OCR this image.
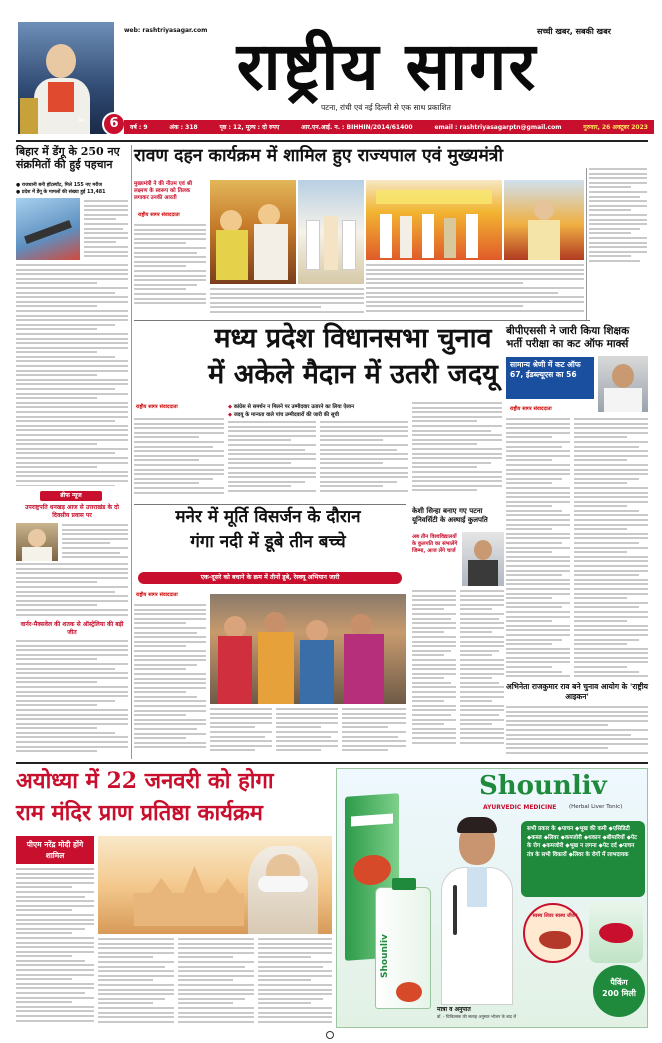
प्रेस	6
web: rashtriyasagar.com	सच्ची खबर, सबकी खबर
राष्ट्रीय सागर
पटना, रांची एवं नई दिल्ली से एक साथ प्रकाशित
वर्ष : 9	अंक : 318	पृष्ठ : 12, मूल्य : दो रुपए	आर.एन.आई. न. : BIHHIN/2014/61400	email : rashtriyasagarptn@gmail.com	गुरुवार, 26 अक्टूबर 2023
बिहार में डेंगू के 250 नए संक्रमितों की हुई पहचान
● राजधानी बनी हॉटस्पॉट, मिले 155 नए मरीज
● प्रदेश में डेंगू के मामलों की संख्या हुई 13,481
ब्रीफ न्यूज
उपराष्ट्रपति धनखड़ आज से उत्तराखंड के दो दिवसीय प्रवास पर
वार्नर-मैक्सवेल की शतक से ऑस्ट्रेलिया की बड़ी जीत
रावण दहन कार्यक्रम में शामिल हुए राज्यपाल एवं मुख्यमंत्री
मुख्यमंत्री ने की नीतम एवं श्री लक्ष्मण के स्वरूप को तिलक लगाकर उनकी आरती
राष्ट्रीय सागर संवाददाता
मध्य प्रदेश विधानसभा चुनाव
में अकेले मैदान में उतरी जदयू
राष्ट्रीय सागर संवाददाता	◆ कांग्रेस से समर्थन न मिलने पर उम्मीदवार उतारने का लिया ऐलान
◆ जदयू के मान्यता वाले पांच उम्मीदवारों की जारी की सूची
बीपीएससी ने जारी किया शिक्षक भर्ती परीक्षा का कट ऑफ मार्क्स
सामान्य श्रेणी में कट ऑफ 67, ईडब्ल्यूएस का 56
राष्ट्रीय सागर संवाददाता
मनेर में मूर्ति विसर्जन के दौरान
गंगा नदी में डूबे तीन बच्चे
एक-दूसरे को बचाने के क्रम में तीनों डूबे, रेस्क्यू अभियान जारी
राष्ट्रीय सागर संवाददाता
केशी सिन्हा बनाए गए पटना यूनिवर्सिटी के अस्थाई कुलपति
अब तीन विश्वविद्यालयों के कुलपति का संभालेंगे जिम्मा, आज लेंगे चार्ज
अभिनेता राजकुमार राव बने चुनाव आयोग के 'राष्ट्रीय आइकन'
अयोध्या में 22 जनवरी को होगा
राम मंदिर प्राण प्रतिष्ठा कार्यक्रम
पीएम नरेंद्र मोदी होंगे शामिल
Shounliv
AYURVEDIC MEDICINE (Herbal Liver Tonic)
Shounliv
सभी प्रकार के ◆पाचन ◆भूख की कमी ◆एसिडिटी ◆कब्ज ◆लिवर ◆कमजोरी ◆थकान ◆बीमारियों ◆पेट के रोग ◆कमजोरी ◆भूख न लगना ◆पेट दर्द ◆पाचन तंत्र के सभी विकारों ◆लिवर के रोगों में लाभदायक
स्वस्थ लिवर स्वस्थ जीवन
पैकिंग
200 मिली
मात्रा व अनुपात
डॉ. - चिकित्सक की सलाह अनुसार भोजन के बाद लें
